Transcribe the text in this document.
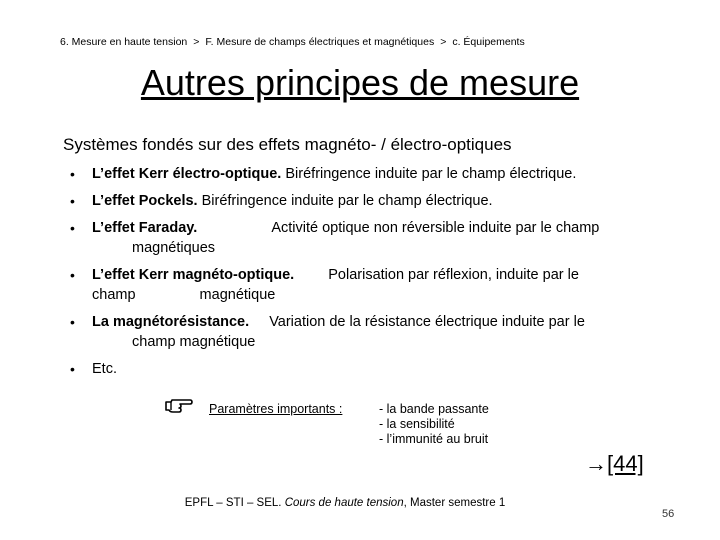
6. Mesure en haute tension > F. Mesure de champs électriques et magnétiques > c. Équipements
Autres principes de mesure
Systèmes fondés sur des effets magnéto- / électro-optiques
• L’effet Kerr électro-optique. Biréfringence induite par le champ électrique.
• L’effet Pockels. Biréfringence induite par le champ électrique.
• L’effet Faraday.	Activité optique non réversible induite par le champ
magnétiques
• L’effet Kerr magnéto-optique. Polarisation par réflexion, induite par le
champ magnétique
• La magnétorésistance. Variation de la résistance électrique induite par le
champ magnétique
• Etc.
Paramètres importants :	- la bande passante
- la sensibilité
- l’immunité au bruit
→[44]
EPFL – STI – SEL. Cours de haute tension, Master semestre 1
56
